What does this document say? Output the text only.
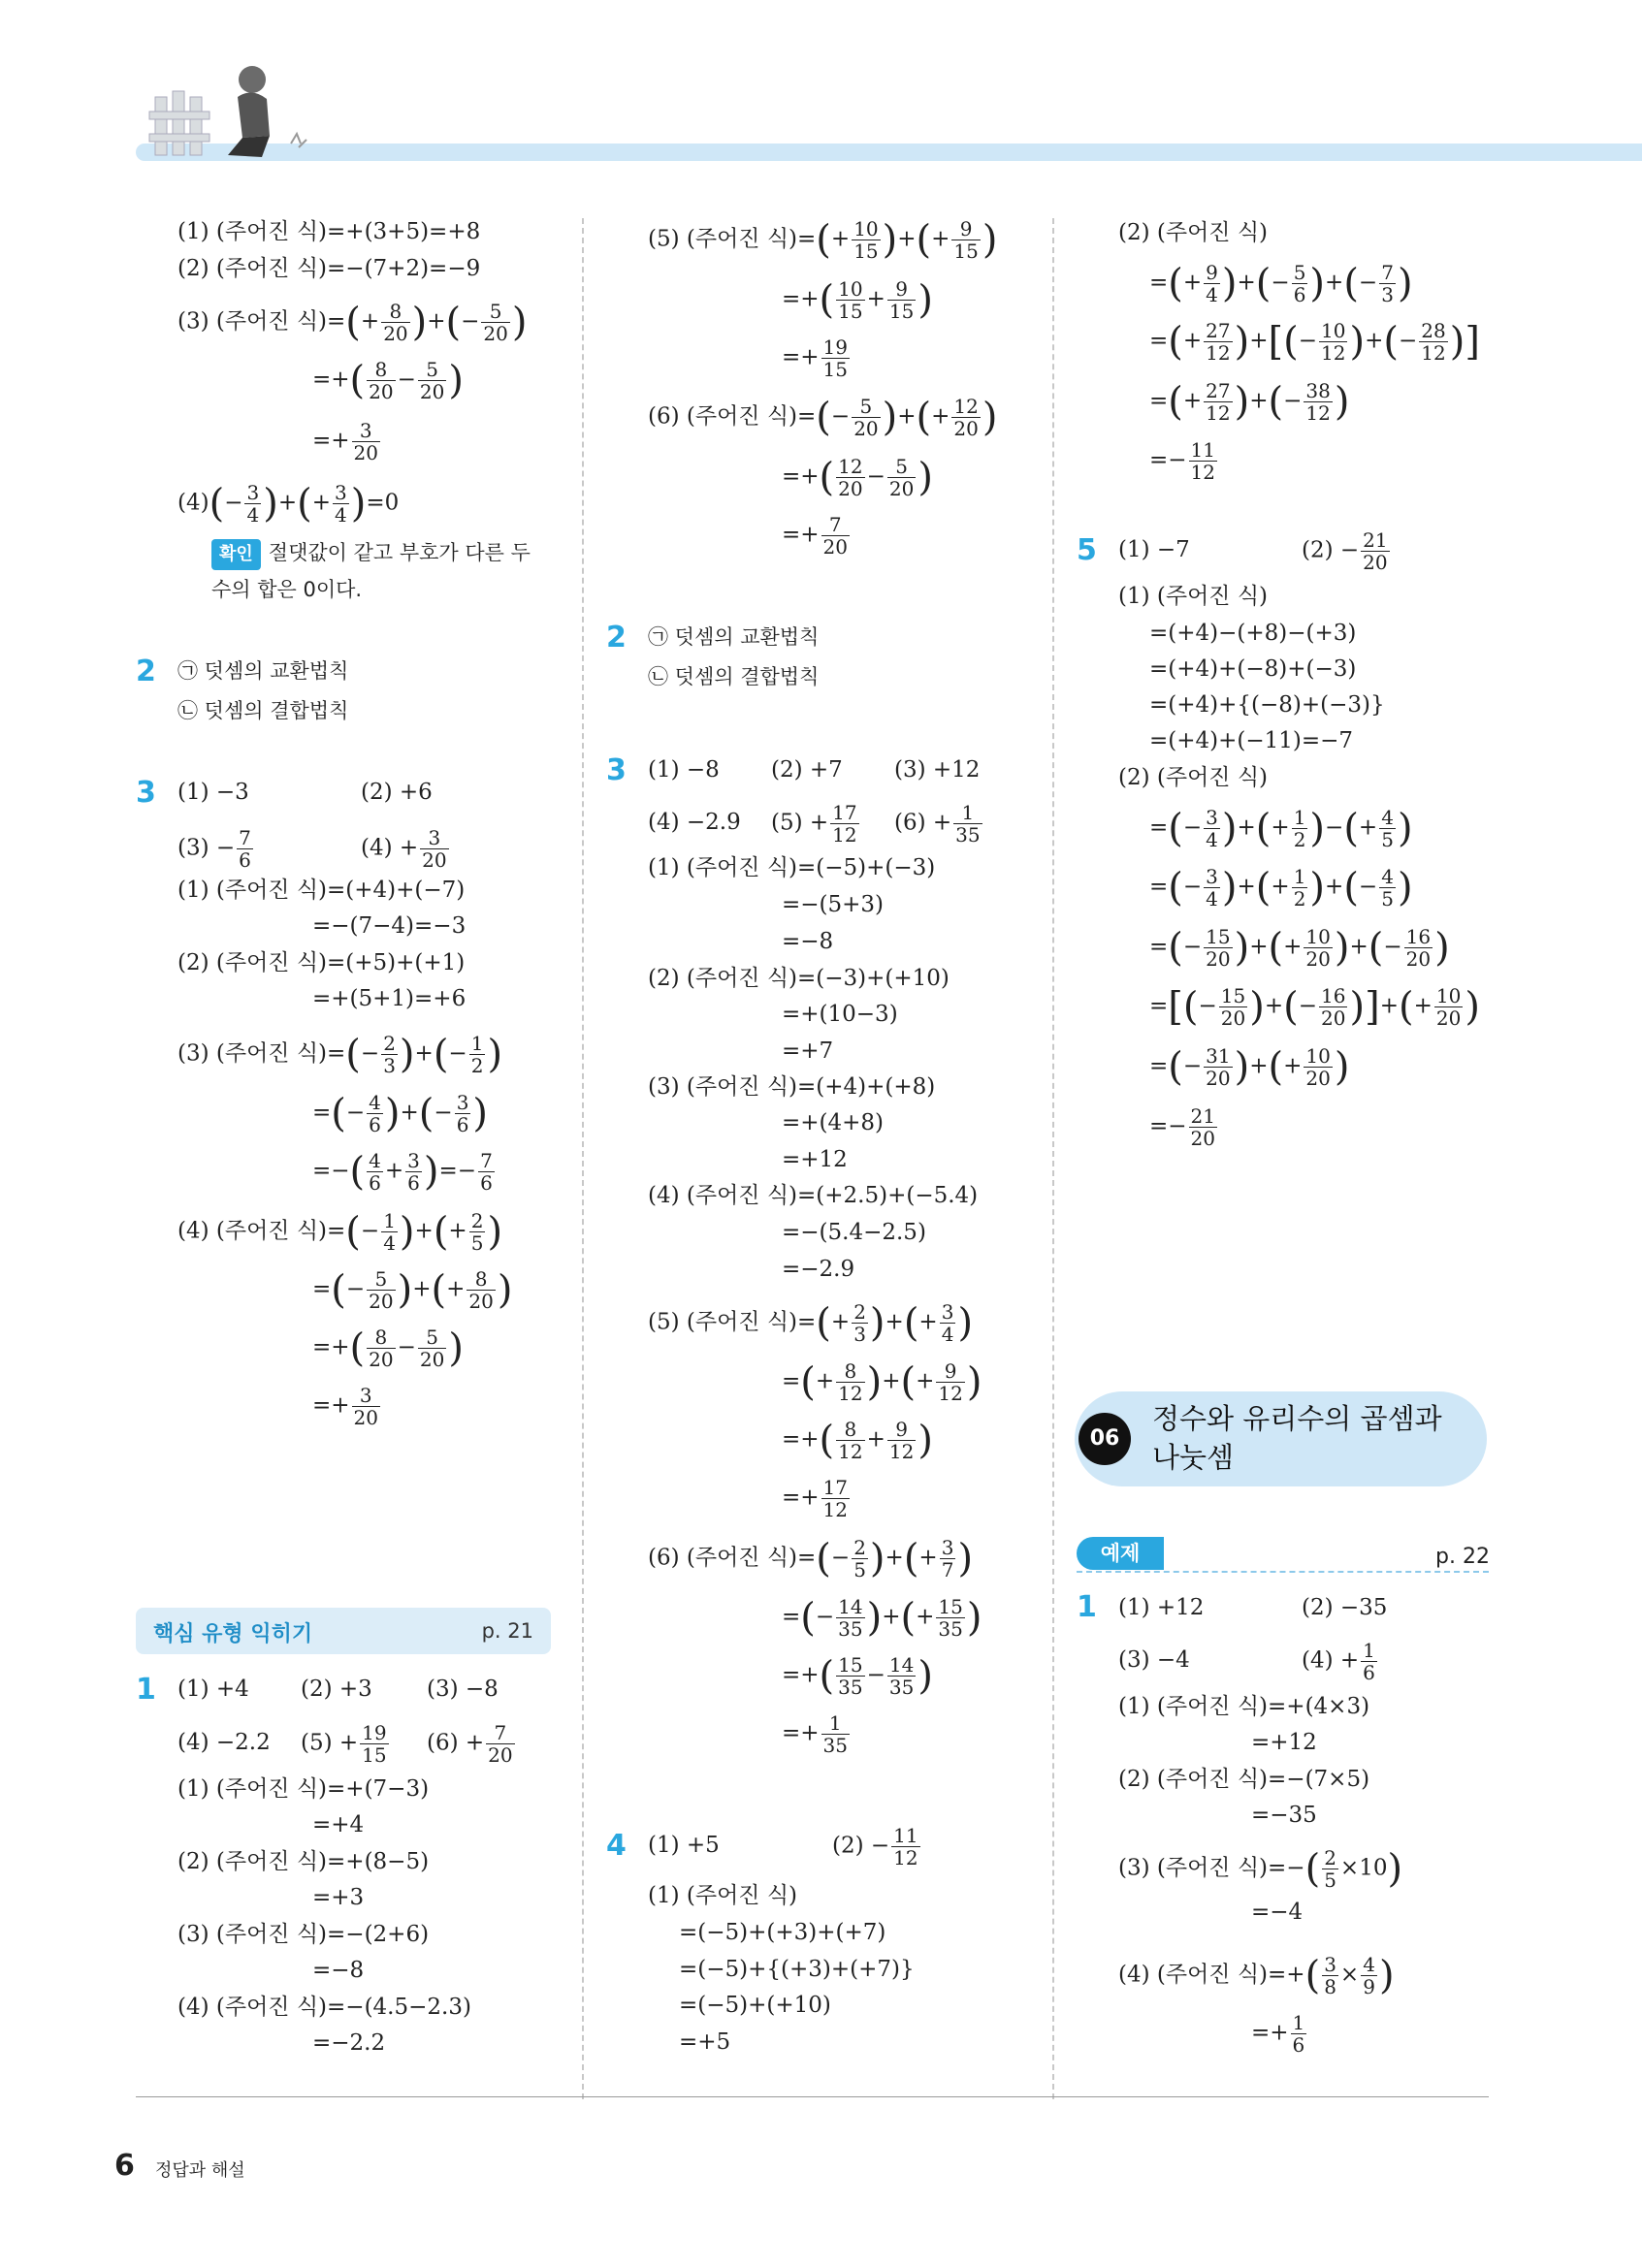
(1) (주어진 식)=+(3+5)=+8
(2) (주어진 식)=−(7+2)=−9
(3) (주어진 식)=(+ $\frac{8}{20}$ )+(− $\frac{5}{20}$ )
=+( $\frac{8}{20} - \frac{5}{20}$ )
=+ $\frac{3}{20}$
$(4)(- \frac{3}{4}$ )+(+ $\frac{3}{4} )=0$
확인 절댓값이 같고 부호가 다른 두
수의 합은 0이다.
2 ㉠ 덧셈의 교환법칙
㉡ 덧셈의 결합법칙
3 (1) −3	(2) +6
$(3) - \frac{7}{6}$	$(4) + \frac{3}{20}$
(1) (주어진 식)=(+4)+(−7)
=−(7−4)=−3
(2) (주어진 식)=(+5)+(+1)
=+(5+1)=+6
(3) (주어진 식)=(− $\frac{2}{3}$ )+(− $\frac{1}{2}$ )
=(− $\frac{4}{6}$ )+(− $\frac{3}{6}$ )
=−( $\frac{4}{6} + \frac{3}{6}$ )=− $\frac{7}{6}$
(4) (주어진 식)=(− $\frac{1}{4}$ )+(+ $\frac{2}{5}$ )
=(− $\frac{5}{20}$ )+(+ $\frac{8}{20}$ )
=+( $\frac{8}{20} - \frac{5}{20}$ )
=+ $\frac{3}{20}$
핵심 유형 익히기	p. 21
1 (1) +4 (2) +3 (3) −8
(4) −2.2 $(5) + \frac{19}{15} (6) + \frac{7}{20}$
(1) (주어진 식)=+(7−3)
=+4
(2) (주어진 식)=+(8−5)
=+3
(3) (주어진 식)=−(2+6)
=−8
(4) (주어진 식)=−(4.5−2.3)
=−2.2
(5) (주어진 식)=(+ $\frac{10}{15}$ )+(+ $\frac{9}{15}$ )
=+( $\frac{10}{15} + \frac{9}{15}$ )
=+ $\frac{19}{15}$
(6) (주어진 식)=(− $\frac{5}{20}$ )+(+ $\frac{12}{20}$ )
=+( $\frac{12}{20} - \frac{5}{20}$ )
=+ $\frac{7}{20}$
2 ㉠ 덧셈의 교환법칙
㉡ 덧셈의 결합법칙
3 (1) −8 (2) +7 (3) +12
(4) −2.9 $(5) + \frac{17}{12} (6) + \frac{1}{35}$
(1) (주어진 식)=(−5)+(−3)
=−(5+3)
=−8
(2) (주어진 식)=(−3)+(+10)
=+(10−3)
=+7
(3) (주어진 식)=(+4)+(+8)
=+(4+8)
=+12
(4) (주어진 식)=(+2.5)+(−5.4)
=−(5.4−2.5)
=−2.9
(5) (주어진 식)=(+ $\frac{2}{3}$ )+(+ $\frac{3}{4}$ )
=(+ $\frac{8}{12}$ )+(+ $\frac{9}{12}$ )
=+( $\frac{8}{12} + \frac{9}{12}$ )
=+ $\frac{17}{12}$
(6) (주어진 식)=(− $\frac{2}{5}$ )+(+ $\frac{3}{7}$ )
=(− $\frac{14}{35}$ )+(+ $\frac{15}{35}$ )
=+( $\frac{15}{35} - \frac{14}{35}$ )
=+ $\frac{1}{35}$
4 (1) +5	$(2) - \frac{11}{12}$
(1) (주어진 식)
=(−5)+(+3)+(+7)
=(−5)+{(+3)+(+7)}
=(−5)+(+10)
=+5
(2) (주어진 식)
=(+ $\frac{9}{4}$ )+(− $\frac{5}{6}$ )+(− $\frac{7}{3}$ )
=(+ $\frac{27}{12}$ )+[(− $\frac{10}{12}$ )+(− $\frac{28}{12}$ )]
=(+ $\frac{27}{12}$ )+(− $\frac{38}{12}$ )
=− $\frac{11}{12}$
5 (1) −7	$(2) - \frac{21}{20}$
(1) (주어진 식)
=(+4)−(+8)−(+3)
=(+4)+(−8)+(−3)
=(+4)+{(−8)+(−3)}
=(+4)+(−11)=−7
(2) (주어진 식)
=(− $\frac{3}{4}$ )+(+ $\frac{1}{2}$ )−(+ $\frac{4}{5}$ )
=(− $\frac{3}{4}$ )+(+ $\frac{1}{2}$ )+(− $\frac{4}{5}$ )
=(− $\frac{15}{20}$ )+(+ $\frac{10}{20}$ )+(− $\frac{16}{20}$ )
=[(− $\frac{15}{20}$ )+(− $\frac{16}{20}$ )]+(+ $\frac{10}{20}$ )
=(− $\frac{31}{20}$ )+(+ $\frac{10}{20}$ )
=− $\frac{21}{20}$
06
정수와 유리수의 곱셈과
나눗셈
예제	p. 22
1 (1) +12	(2) −35
(3) −4	$(4) + \frac{1}{6}$
(1) (주어진 식)=+(4×3)
=+12
(2) (주어진 식)=−(7×5)
=−35
(3) (주어진 식)=−( $\frac{2}{5} \times 10$)
=−4
(4) (주어진 식)=+( $\frac{3}{8} \times \frac{4}{9}$ )
=+ $\frac{1}{6}$
6 정답과 해설
